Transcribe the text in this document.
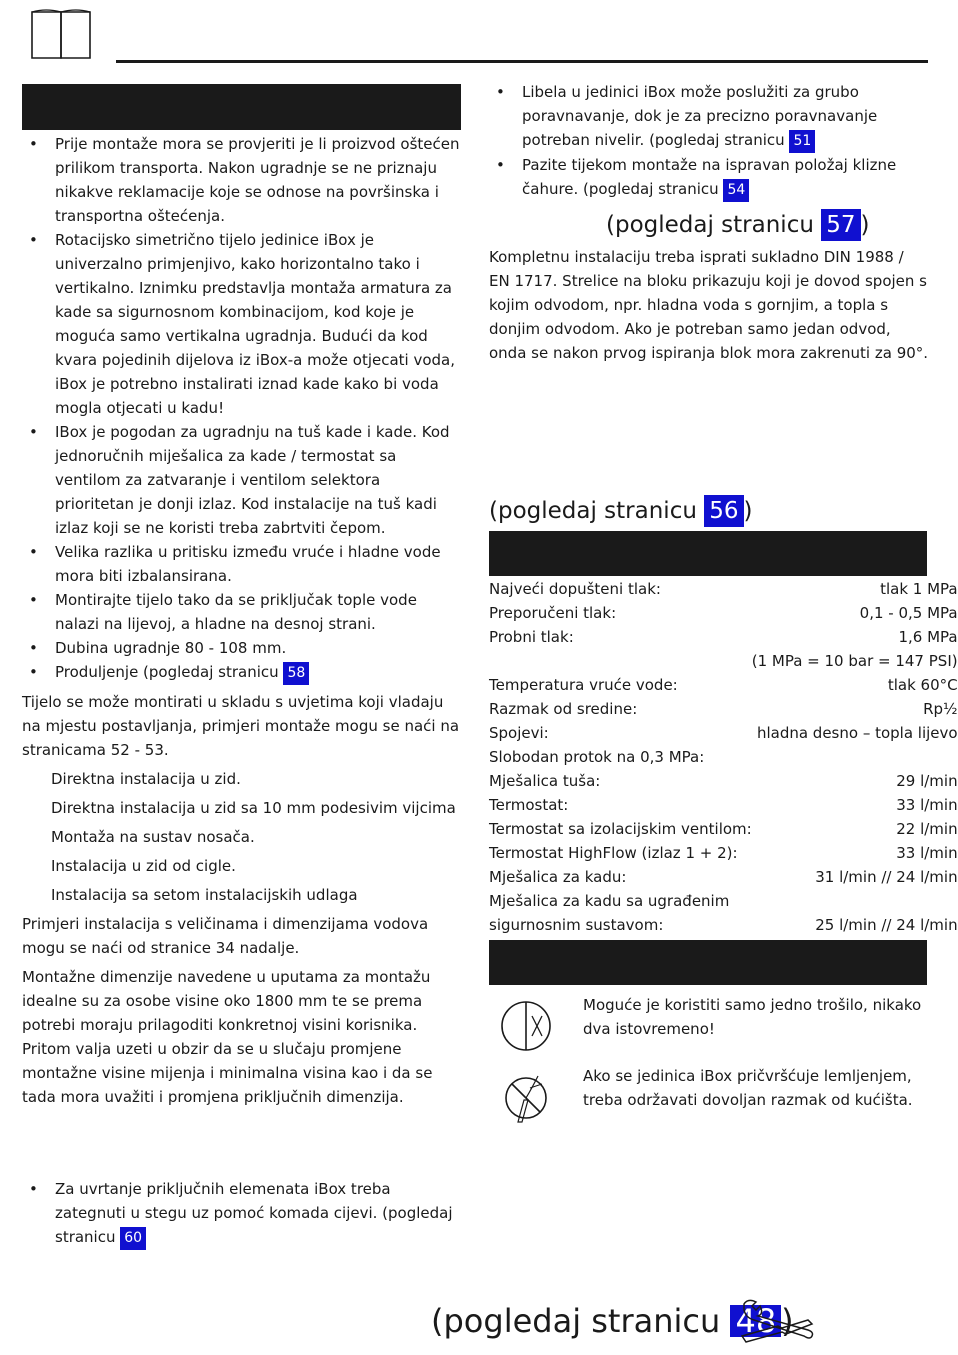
• Prije montaže mora se provjeriti je li proizvod oštećen prilikom transporta. Nakon ugradnje se ne priznaju nikakve reklamacije koje se odnose na površinska i transportna oštećenja.
• Rotacijsko simetrično tijelo jedinice iBox je univerzalno primjenjivo, kako horizontalno tako i vertikalno. Iznimku predstavlja montaža armatura za kade sa sigurnosnom kombinacijom, kod koje je moguća samo vertikalna ugradnja. Budući da kod kvara pojedinih dijelova iz iBox-a može otjecati voda, iBox je potrebno instalirati iznad kade kako bi voda mogla otjecati u kadu!
• IBox je pogodan za ugradnju na tuš kade i kade. Kod jednoručnih miješalica za kade / termostat sa ventilom za zatvaranje i ventilom selektora prioritetan je donji izlaz. Kod instalacije na tuš kadi izlaz koji se ne koristi treba zabrtviti čepom.
• Velika razlika u pritisku između vruće i hladne vode mora biti izbalansirana.
• Montirajte tijelo tako da se priključak tople vode nalazi na lijevoj, a hladne na desnoj strani.
• Dubina ugradnje 80 - 108 mm.
• Produljenje (pogledaj stranicu 58

Tijelo se može montirati u skladu s uvjetima koji vladaju na mjestu postavljanja, primjeri montaže mogu se naći na stranicama 52 - 53.

Direktna instalacija u zid.

Direktna instalacija u zid sa 10 mm podesivim vijcima

Montaža na sustav nosača.

Instalacija u zid od cigle.

Instalacija sa setom instalacijskih udlaga

Primjeri instalacija s veličinama i dimenzijama vodova mogu se naći od stranice 34 nadalje.

Montažne dimenzije navedene u uputama za montažu idealne su za osobe visine oko 1800 mm te se prema potrebi moraju prilagoditi konkretnoj visini korisnika. Pritom valja uzeti u obzir da se u slučaju promjene montažne visine mijenja i minimalna visina kao i da se tada mora uvažiti i promjena priključnih dimenzija.

• Za uvrtanje priključnih elemenata iBox treba zategnuti u stegu uz pomoć komada cijevi. (pogledaj stranicu 60
• Libela u jedinici iBox može poslužiti za grubo poravnavanje, dok je za precizno poravnavanje potreban nivelir. (pogledaj stranicu 51
• Pazite tijekom montaže na ispravan položaj klizne čahure. (pogledaj stranicu 54
(pogledaj stranicu 57 )

Kompletnu instalaciju treba isprati sukladno DIN 1988 / EN 1717. Strelice na bloku prikazuju koji je dovod spojen s kojim odvodom, npr. hladna voda s gornjim, a topla s donjim odvodom. Ako je potreban samo jedan odvod, onda se nakon prvog ispiranja blok mora zakrenuti za 90°.

(pogledaj stranicu 56 )
Najveći dopušteni tlak:	tlak 1 MPa
Preporučeni tlak:	0,1 - 0,5 MPa
Probni tlak:	1,6 MPa
	(1 MPa = 10 bar = 147 PSI)
Temperatura vruće vode:	tlak 60°C
Razmak od sredine:	Rp½
Spojevi:	hladna desno – topla lijevo
Slobodan protok na 0,3 MPa:	
Mješalica tuša:	29 l/min
Termostat:	33 l/min
Termostat sa izolacijskim ventilom:	22 l/min
Termostat HighFlow (izlaz 1 + 2):	33 l/min
Mješalica za kadu:	31 l/min // 24 l/min
Mješalica za kadu sa ugrađenim	
sigurnosnim sustavom:	25 l/min // 24 l/min
Moguće je koristiti samo jedno trošilo, nikako dva istovremeno!
Ako se jedinica iBox pričvršćuje lemljenjem, treba održavati dovoljan razmak od kućišta.
(pogledaj stranicu 48 )
